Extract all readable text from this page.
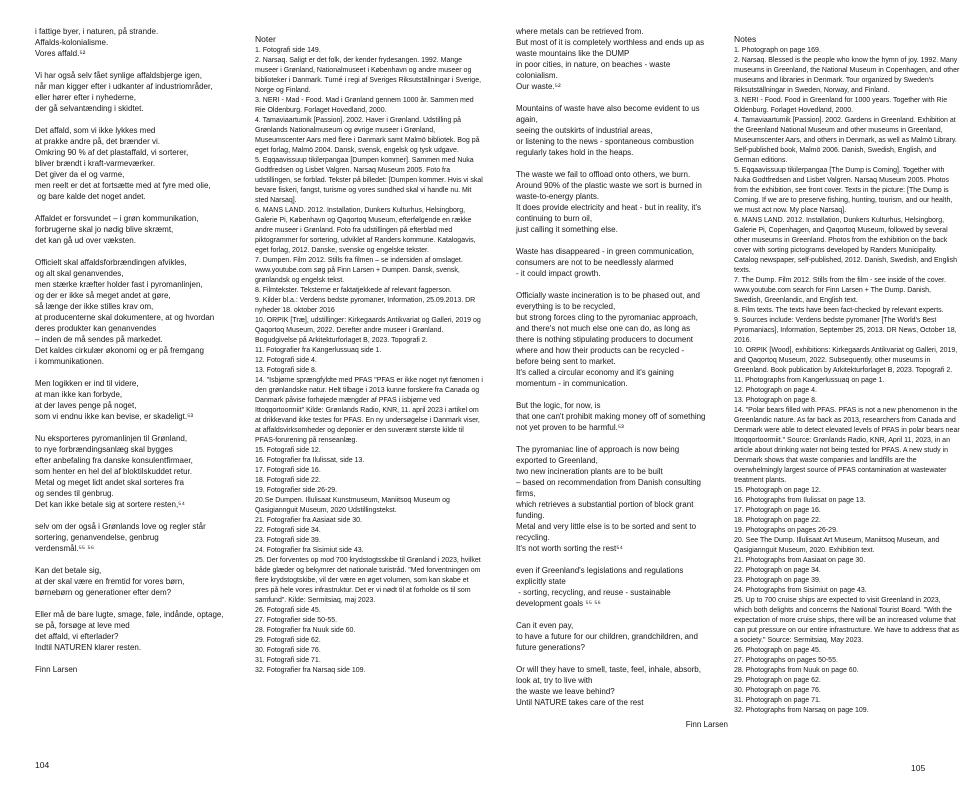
i fattige byer, i naturen, på strande.
Affalds-kolonialisme.
Vores affald.⁵²
Vi har også selv fået synlige affaldsbjerge igen,
når man kigger efter i udkanter af industriområder,
eller hører efter i nyhederne,
der gå selvantænding i skidtet.
Det affald, som vi ikke lykkes med
at prakke andre på, det brænder vi.
Omkring 90 % af det plastaffald, vi sorterer,
bliver brændt i kraft-varmeværker.
Det giver da el og varme,
men reelt er det at fortsætte med at fyre med olie,
og bare kalde det noget andet.
Affaldet er forsvundet – i grøn kommunikation,
forbrugerne skal jo nødig blive skræmt,
det kan gå ud over væksten.
Officielt skal affaldsforbrændingen afvikles,
og alt skal genanvendes,
men stærke kræfter holder fast i pyromanlinjen,
og der er ikke så meget andet at gøre,
så længe der ikke stilles krav om,
at producenterne skal dokumentere, at og hvordan
deres produkter kan genanvendes
– inden de må sendes på markedet.
Det kaldes cirkulær økonomi og er på fremgang
i kommunikationen.
Men logikken er ind til videre,
at man ikke kan forbyde,
at der laves penge på noget,
som vi endnu ikke kan bevise, er skadeligt.⁵³
Nu eksporteres pyromanlinjen til Grønland,
to nye forbrændingsanlæg skal bygges
efter anbefaling fra danske konsulentfirmaer,
som henter en hel del af bloktilskuddet retur.
Metal og meget lidt andet skal sorteres fra
og sendes til genbrug.
Det kan ikke betale sig at sortere resten,⁵⁴
selv om der også i Grønlands love og regler står
sortering, genanvendelse, genbrug
verdensmål.⁵⁵ ⁵⁶
Kan det betale sig,
at der skal være en fremtid for vores børn,
børnebørn og generationer efter dem?
Eller må de bare lugte, smage, føle, indånde, optage,
se på, forsøge at leve med
det affald, vi efterlader?
Indtil NATUREN klarer resten.
Finn Larsen
Noter

1. Fotografi side 149.

2. Narsaq. Saligt er det folk, der kender frydesangen. 1992. Mange museer i Grønland, Nationalmuseet i København og andre museer og biblioteker i Danmark. Turné i regi af Sveriges Riksutställningar i Sverige, Norge og Finland.

3. NERI - Mad - Food. Mad i Grønland gennem 1000 år. Sammen med Rie Oldenburg. Forlaget Hovedland, 2000.

4. Tamaviaartumik [Passion]. 2002. Haver i Grønland. Udstilling på Grønlands Nationalmuseum og øvrige museer i Grønland, Museumscenter Aars med flere i Danmark samt Malmö bibliotek. Bog på eget forlag, Malmö 2004. Dansk, svensk, engelsk og tysk udgave.

5. Eqqaavissuup tikilerpangaa [Dumpen kommer]. Sammen med Nuka Godtfredsen og Lisbet Valgren. Narsaq Museum 2005. Foto fra udstillingen, se forblad. Tekster på billedet: [Dumpen kommer. Hvis vi skal bevare fiskeri, fangst, turisme og vores sundhed skal vi handle nu. Mit sted Narsaq].

6. MANS LAND. 2012. Installation, Dunkers Kulturhus, Helsingborg, Galerie Pi, København og Qaqortoq Museum, efterfølgende en række andre museer i Grønland. Foto fra udstillingen på efterblad med piktogrammer for sortering, udviklet af Randers kommune. Katalogavis, eget forlag, 2012. Danske, svenske og engelske tekster.

7. Dumpen. Film 2012. Stills fra filmen – se indersiden af omslaget. www.youtube.com søg på Finn Larsen + Dumpen. Dansk, svensk, grønlandsk og engelsk tekst.

8. Filmtekster. Teksterne er faktatjekkede af relevant fagperson.

9. Kilder bl.a.: Verdens bedste pyromaner, Information, 25.09.2013. DR nyheder 18. oktober 2016

10. ORPIK [Træ], udstillinger: Kirkegaards Antikvariat og Galleri, 2019 og Qaqortoq Museum, 2022. Derefter andre museer i Grønland. Bogudgivelse på Arkitekturforlaget B, 2023. Topografi 2.

11. Fotografier fra Kangerlussuaq side 1.

12. Fotografi side 4.

13. Fotografi side 8.

14. "Isbjørne sprængfyldte med PFAS "PFAS er ikke noget nyt fænomen i den grønlandske natur. Helt tilbage i 2013 kunne forskere fra Canada og Danmark påvise forhøjede mængder af PFAS i isbjørne ved Ittoqqortoormiit" Kilde: Grønlands Radio, KNR, 11. april 2023 i artikel om at drikkevand ikke testes for PFAS. En ny undersøgelse i Danmark viser, at affaldsvirksomheder og deponier er den suverænt største kilde til PFAS-forurening på renseanlæg.

15. Fotografi side 12.

16. Fotografier fra Ilulissat, side 13.

17. Fotografi side 16.

18. Fotografi side 22.

19. Fotografier side 26-29.

20.Se Dumpen. Illulisaat Kunstmuseum, Maniitsoq Museum og Qasigiannguit Museum, 2020 Udstillingstekst.

21. Fotografier fra Aasiaat side 30.

22. Fotografi side 34.

23. Fotografi side 39.

24. Fotografier fra Sisimiut side 43.

25. Der forventes op mod 700 krydstogtsskibe til Grønland i 2023, hvilket både glæder og bekymrer det nationale turistråd. "Med forventningen om flere krydstogtskibe, vil der være en øget volumen, som kan skabe et pres på hele vores infrastruktur. Det er vi nødt til at forholde os til som samfund". Kilde: Sermitsiaq, maj 2023.

26. Fotografi side 45.

27. Fotografier side 50-55.

28. Fotografier fra Nuuk side 60.

29. Fotografi side 62.

30. Fotografi side 76.

31. Fotografi side 71.

32. Fotografier fra Narsaq side 109.

where metals can be retrieved from.
But most of it is completely worthless and ends up as
waste mountains like the DUMP
in poor cities, in nature, on beaches - waste
colonialism.
Our waste.⁵²
Mountains of waste have also become evident to us
again,
seeing the outskirts of industrial areas,
or listening to the news - spontaneous combustion
regularly takes hold in the heaps.
The waste we fail to offload onto others, we burn.
Around 90% of the plastic waste we sort is burned in
waste-to-energy plants.
It does provide electricity and heat - but in reality, it's
continuing to burn oil,
just calling it something else.
Waste has disappeared - in green communication,
consumers are not to be needlessly alarmed
- it could impact growth.
Officially waste incineration is to be phased out, and
everything is to be recycled,
but strong forces cling to the pyromaniac approach,
and there's not much else one can do, as long as
there is nothing stipulating producers to document
where and how their products can be recycled -
before being sent to market.
It's called a circular economy and it's gaining
momentum - in communication.
But the logic, for now, is
that one can't prohibit making money off of something
not yet proven to be harmful.⁵³
The pyromaniac line of approach is now being
exported to Greenland,
two new incineration plants are to be built
– based on recommendation from Danish consulting
firms,
which retrieves a substantial portion of block grant
funding.
Metal and very little else is to be sorted and sent to
recycling.
It's not worth sorting the rest⁵⁴
even if Greenland's legislations and regulations
explicitly state
- sorting, recycling, and reuse - sustainable
development goals ⁵⁵ ⁵⁶
Can it even pay,
to have a future for our children, grandchildren, and
future generations?
Or will they have to smell, taste, feel, inhale, absorb,
look at, try to live with
the waste we leave behind?
Until NATURE takes care of the rest
Finn Larsen
Notes

1. Photograph on page 169.

2. Narsaq. Blessed is the people who know the hymn of joy. 1992. Many museums in Greenland, the National Museum in Copenhagen, and other museums and libraries in Denmark. Tour organized by Sweden's Riksutställningar in Sweden, Norway, and Finland.

3. NERI - Food. Food in Greenland for 1000 years. Together with Rie Oldenburg. Forlaget Hovedland, 2000.

4. Tamaviaartumik [Passion]. 2002. Gardens in Greenland. Exhibition at the Greenland National Museum and other museums in Greenland, Museumscenter Aars, and others in Denmark, as well as Malmö Library. Self-published book, Malmö 2006. Danish, Swedish, English, and German editions.

5. Eqqaavissuup tikilerpangaa [The Dump is Coming]. Together with Nuka Godtfredsen and Lisbet Valgren. Narsaq Museum 2005. Photos from the exhibition, see front cover. Texts in the picture: [The Dump is Coming. If we are to preserve fishing, hunting, tourism, and our health, we must act now. My place Narsaq].

6. MANS LAND. 2012. Installation, Dunkers Kulturhus, Helsingborg, Galerie Pi, Copenhagen, and Qaqortoq Museum, followed by several other museums in Greenland. Photos from the exhibition on the back cover with sorting pictograms developed by Randers Municipality. Catalog newspaper, self-published, 2012. Danish, Swedish, and English texts.

7. The Dump. Film 2012. Stills from the film - see inside of the cover. www.youtube.com search for Finn Larsen + The Dump. Danish, Swedish, Greenlandic, and English text.

8. Film texts. The texts have been fact-checked by relevant experts.

9. Sources include: Verdens bedste pyromaner [The World's Best Pyromaniacs], Information, September 25, 2013. DR News, October 18, 2016.

10. ORPIK [Wood], exhibitions: Kirkegaards Antikvariat og Galleri, 2019, and Qaqortoq Museum, 2022. Subsequently, other museums in Greenland. Book publication by Arkitekturforlaget B, 2023. Topografi 2.

11. Photographs from Kangerlussuaq on page 1.

12. Photograph on page 4.

13. Photograph on page 8.

14. "Polar bears filled with PFAS. PFAS is not a new phenomenon in the Greenlandic nature. As far back as 2013, researchers from Canada and Denmark were able to detect elevated levels of PFAS in polar bears near Ittoqqortoormiit." Source: Grønlands Radio, KNR, April 11, 2023, in an article about drinking water not being tested for PFAS. A new study in Denmark shows that waste companies and landfills are the overwhelmingly largest source of PFAS contamination at wastewater treatment plants.

15. Photograph on page 12.

16. Photographs from Ilulissat on page 13.

17. Photograph on page 16.

18. Photograph on page 22.

19. Photographs on pages 26-29.

20. See The Dump. Illulisaat Art Museum, Maniitsoq Museum, and Qasigiannguit Museum, 2020. Exhibition text.

21. Photographs from Aasiaat on page 30.

22. Photograph on page 34.

23. Photograph on page 39.

24. Photographs from Sisimiut on page 43.

25. Up to 700 cruise ships are expected to visit Greenland in 2023, which both delights and concerns the National Tourist Board. "With the expectation of more cruise ships, there will be an increased volume that can put pressure on our entire infrastructure. We have to address that as a society." Source: Sermitsiaq, May 2023.

26. Photograph on page 45.

27. Photographs on pages 50-55.

28. Photographs from Nuuk on page 60.

29. Photograph on page 62.

30. Photograph on page 76.

31. Photograph on page 71.

32. Photographs from Narsaq on page 109.

104	105
